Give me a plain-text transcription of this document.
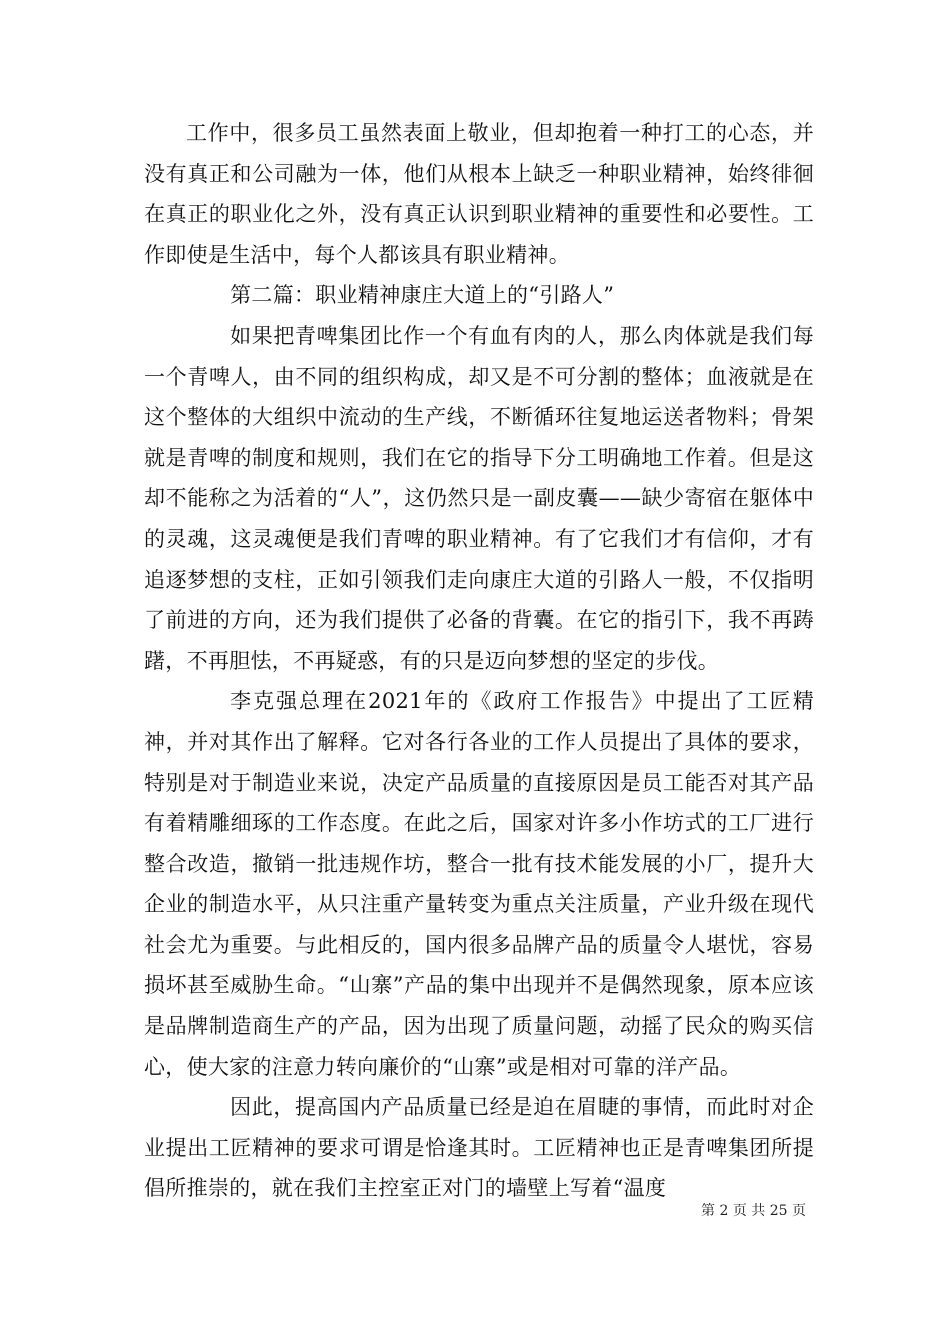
工作中，很多员工虽然表面上敬业，但却抱着一种打工的心态，并没有真正和公司融为一体，他们从根本上缺乏一种职业精神，始终徘徊在真正的职业化之外，没有真正认识到职业精神的重要性和必要性。工作即使是生活中，每个人都该具有职业精神。

第二篇：职业精神康庄大道上的“引路人”

如果把青啤集团比作一个有血有肉的人，那么肉体就是我们每一个青啤人，由不同的组织构成，却又是不可分割的整体；血液就是在这个整体的大组织中流动的生产线，不断循环往复地运送者物料；骨架就是青啤的制度和规则，我们在它的指导下分工明确地工作着。但是这却不能称之为活着的“人”，这仍然只是一副皮囊——缺少寄宿在躯体中的灵魂，这灵魂便是我们青啤的职业精神。有了它我们才有信仰，才有追逐梦想的支柱，正如引领我们走向康庄大道的引路人一般，不仅指明了前进的方向，还为我们提供了必备的背囊。在它的指引下，我不再踌躇，不再胆怯，不再疑惑，有的只是迈向梦想的坚定的步伐。

李克强总理在2021年的《政府工作报告》中提出了工匠精神，并对其作出了解释。它对各行各业的工作人员提出了具体的要求，特别是对于制造业来说，决定产品质量的直接原因是员工能否对其产品有着精雕细琢的工作态度。在此之后，国家对许多小作坊式的工厂进行整合改造，撤销一批违规作坊，整合一批有技术能发展的小厂，提升大企业的制造水平，从只注重产量转变为重点关注质量，产业升级在现代社会尤为重要。与此相反的，国内很多品牌产品的质量令人堪忧，容易损坏甚至威胁生命。“山寨”产品的集中出现并不是偶然现象，原本应该是品牌制造商生产的产品，因为出现了质量问题，动摇了民众的购买信心，使大家的注意力转向廉价的“山寨”或是相对可靠的洋产品。

因此，提高国内产品质量已经是迫在眉睫的事情，而此时对企业提出工匠精神的要求可谓是恰逢其时。工匠精神也正是青啤集团所提倡所推崇的，就在我们主控室正对门的墙壁上写着“温度

第 2 页 共 25 页
